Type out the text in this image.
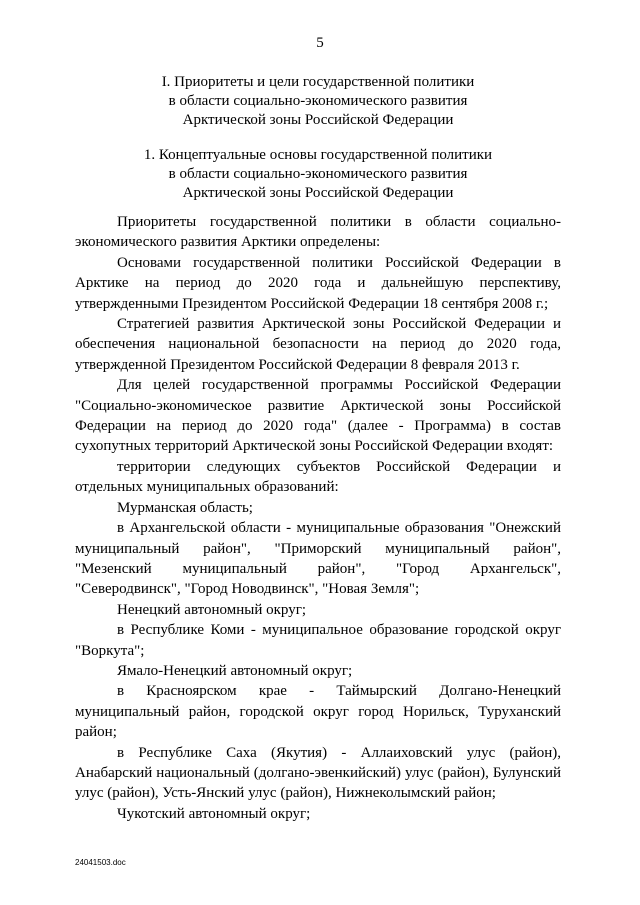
5
I. Приоритеты и цели государственной политики
в области социально-экономического развития
Арктической зоны Российской Федерации
1. Концептуальные основы государственной политики
в области социально-экономического развития
Арктической зоны Российской Федерации

Приоритеты государственной политики в области социально-экономического развития Арктики определены:

Основами государственной политики Российской Федерации в Арктике на период до 2020 года и дальнейшую перспективу, утвержденными Президентом Российской Федерации 18 сентября 2008 г.;

Стратегией развития Арктической зоны Российской Федерации и обеспечения национальной безопасности на период до 2020 года, утвержденной Президентом Российской Федерации 8 февраля 2013 г.

Для целей государственной программы Российской Федерации "Социально-экономическое развитие Арктической зоны Российской Федерации на период до 2020 года" (далее - Программа) в состав сухопутных территорий Арктической зоны Российской Федерации входят:

территории следующих субъектов Российской Федерации и отдельных муниципальных образований:

Мурманская область;

в Архангельской области - муниципальные образования "Онежский муниципальный район", "Приморский муниципальный район", "Мезенский муниципальный район", "Город Архангельск", "Северодвинск", "Город Новодвинск", "Новая Земля";

Ненецкий автономный округ;

в Республике Коми - муниципальное образование городской округ "Воркута";

Ямало-Ненецкий автономный округ;

в Красноярском крае - Таймырский Долгано-Ненецкий муниципальный район, городской округ город Норильск, Туруханский район;

в Республике Саха (Якутия) - Аллаиховский улус (район), Анабарский национальный (долгано-эвенкийский) улус (район), Булунский улус (район), Усть-Янский улус (район), Нижнеколымский район;

Чукотский автономный округ;

24041503.doc
